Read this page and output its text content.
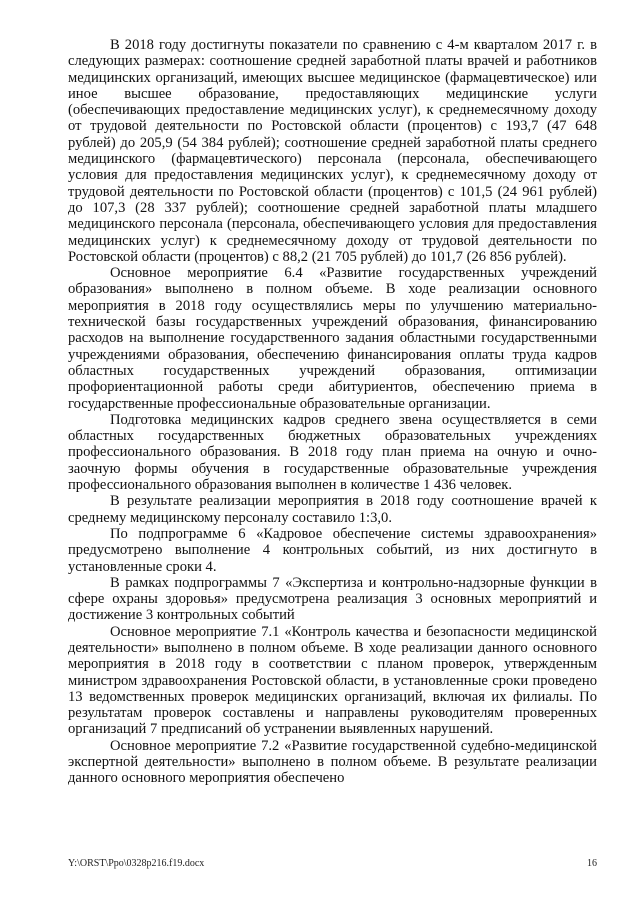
В 2018 году достигнуты показатели по сравнению с 4-м кварталом 2017 г. в следующих размерах: соотношение средней заработной платы врачей и работников медицинских организаций, имеющих высшее медицинское (фармацевтическое) или иное высшее образование, предоставляющих медицинские услуги (обеспечивающих предоставление медицинских услуг), к среднемесячному доходу от трудовой деятельности по Ростовской области (процентов) с 193,7 (47 648 рублей) до 205,9 (54 384 рублей); соотношение средней заработной платы среднего медицинского (фармацевтического) персонала (персонала, обеспечивающего условия для предоставления медицинских услуг), к среднемесячному доходу от трудовой деятельности по Ростовской области (процентов) с 101,5 (24 961 рублей) до 107,3 (28 337 рублей); соотношение средней заработной платы младшего медицинского персонала (персонала, обеспечивающего условия для предоставления медицинских услуг) к среднемесячному доходу от трудовой деятельности по Ростовской области (процентов) с 88,2 (21 705 рублей) до 101,7 (26 856 рублей).

Основное мероприятие 6.4 «Развитие государственных учреждений образования» выполнено в полном объеме. В ходе реализации основного мероприятия в 2018 году осуществлялись меры по улучшению материально-технической базы государственных учреждений образования, финансированию расходов на выполнение государственного задания областными государственными учреждениями образования, обеспечению финансирования оплаты труда кадров областных государственных учреждений образования, оптимизации профориентационной работы среди абитуриентов, обеспечению приема в государственные профессиональные образовательные организации.

Подготовка медицинских кадров среднего звена осуществляется в семи областных государственных бюджетных образовательных учреждениях профессионального образования. В 2018 году план приема на очную и очно-заочную формы обучения в государственные образовательные учреждения профессионального образования выполнен в количестве 1 436 человек.

В результате реализации мероприятия в 2018 году соотношение врачей к среднему медицинскому персоналу составило 1:3,0.

По подпрограмме 6 «Кадровое обеспечение системы здравоохранения» предусмотрено выполнение 4 контрольных событий, из них достигнуто в установленные сроки 4.

В рамках подпрограммы 7 «Экспертиза и контрольно-надзорные функции в сфере охраны здоровья» предусмотрена реализация 3 основных мероприятий и достижение 3 контрольных событий

Основное мероприятие 7.1 «Контроль качества и безопасности медицинской деятельности» выполнено в полном объеме. В ходе реализации данного основного мероприятия в 2018 году в соответствии с планом проверок, утвержденным министром здравоохранения Ростовской области, в установленные сроки проведено 13 ведомственных проверок медицинских организаций, включая их филиалы. По результатам проверок составлены и направлены руководителям проверенных организаций 7 предписаний об устранении выявленных нарушений.

Основное мероприятие 7.2 «Развитие государственной судебно-медицинской экспертной деятельности» выполнено в полном объеме. В результате реализации данного основного мероприятия обеспечено

Y:\ORST\Ppo\0328p216.f19.docx	16
